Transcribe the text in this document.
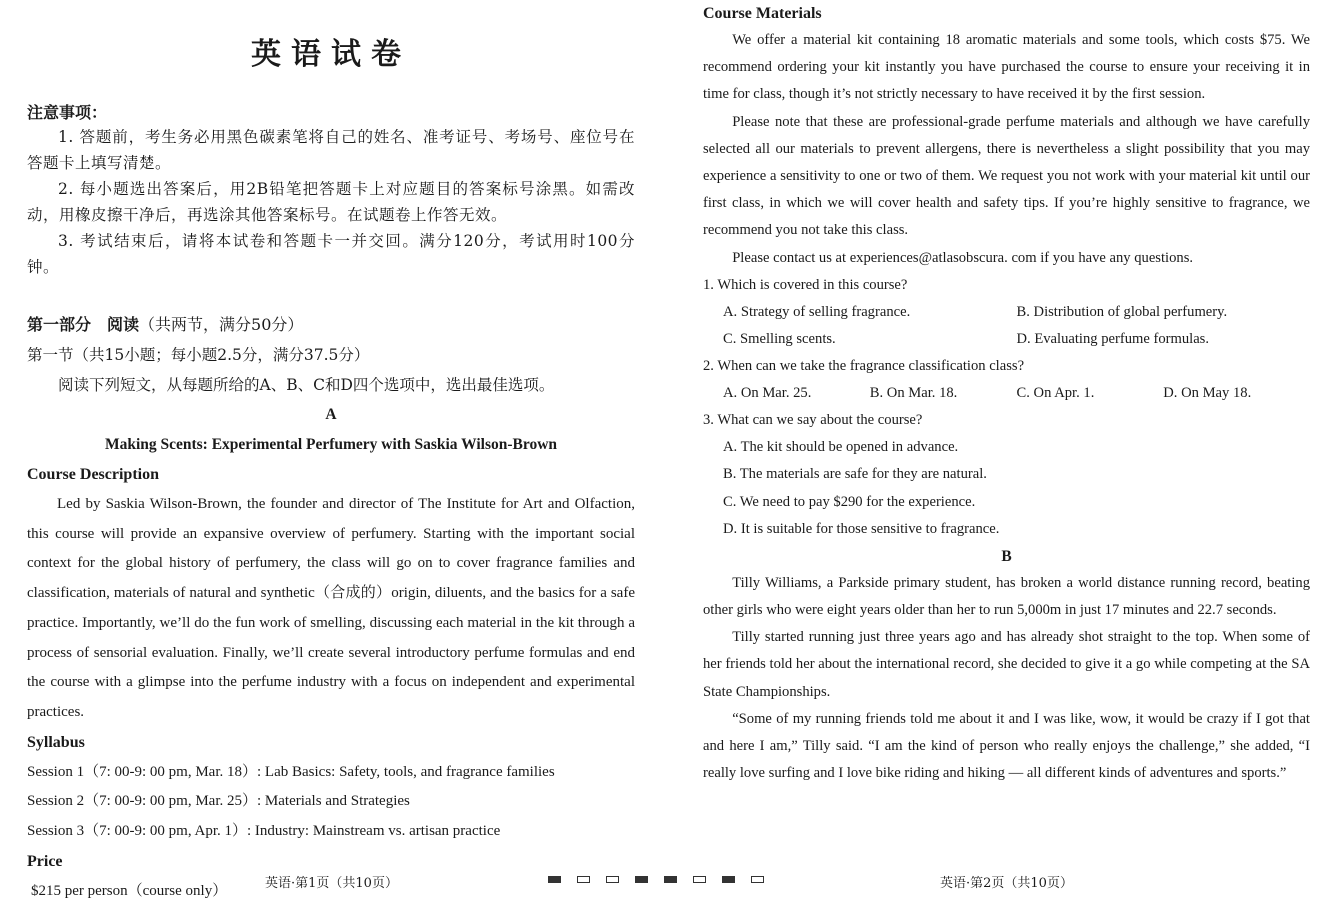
英语试卷
注意事项：
1. 答题前，考生务必用黑色碳素笔将自己的姓名、准考证号、考场号、座位号在答题卡上填写清楚。
2. 每小题选出答案后，用2B铅笔把答题卡上对应题目的答案标号涂黑。如需改动，用橡皮擦干净后，再选涂其他答案标号。在试题卷上作答无效。
3. 考试结束后，请将本试卷和答题卡一并交回。满分120分，考试用时100分钟。
第一部分　阅读（共两节，满分50分）
第一节（共15小题；每小题2.5分，满分37.5分）
阅读下列短文，从每题所给的A、B、C和D四个选项中，选出最佳选项。
A
Making Scents: Experimental Perfumery with Saskia Wilson-Brown
Course Description

Led by Saskia Wilson-Brown, the founder and director of The Institute for Art and Olfaction, this course will provide an expansive overview of perfumery. Starting with the important social context for the global history of perfumery, the class will go on to cover fragrance families and classification, materials of natural and synthetic（合成的）origin, diluents, and the basics for a safe practice. Importantly, we’ll do the fun work of smelling, discussing each material in the kit through a process of sensorial evaluation. Finally, we’ll create several introductory perfume formulas and end the course with a glimpse into the perfume industry with a focus on independent and experimental practices.

Syllabus
Session 1（7: 00-9: 00 pm, Mar. 18）: Lab Basics: Safety, tools, and fragrance families
Session 2（7: 00-9: 00 pm, Mar. 25）: Materials and Strategies
Session 3（7: 00-9: 00 pm, Apr. 1）: Industry: Mainstream vs. artisan practice
Price
$215 per person（course only）
Course Materials

We offer a material kit containing 18 aromatic materials and some tools, which costs $75. We recommend ordering your kit instantly you have purchased the course to ensure your receiving it in time for class, though it’s not strictly necessary to have received it by the first session.

Please note that these are professional-grade perfume materials and although we have carefully selected all our materials to prevent allergens, there is nevertheless a slight possibility that you may experience a sensitivity to one or two of them. We request you not work with your material kit until our first class, in which we will cover health and safety tips. If you’re highly sensitive to fragrance, we recommend you not take this class.

Please contact us at experiences@atlasobscura. com if you have any questions.

1. Which is covered in this course?
A. Strategy of selling fragrance.	B. Distribution of global perfumery.
C. Smelling scents.	D. Evaluating perfume formulas.
2. When can we take the fragrance classification class?
A. On Mar. 25.	B. On Mar. 18.	C. On Apr. 1.	D. On May 18.
3. What can we say about the course?
A. The kit should be opened in advance.
B. The materials are safe for they are natural.
C. We need to pay $290 for the experience.
D. It is suitable for those sensitive to fragrance.
B

Tilly Williams, a Parkside primary student, has broken a world distance running record, beating other girls who were eight years older than her to run 5,000m in just 17 minutes and 22.7 seconds.

Tilly started running just three years ago and has already shot straight to the top. When some of her friends told her about the international record, she decided to give it a go while competing at the SA State Championships.

“Some of my running friends told me about it and I was like, wow, it would be crazy if I got that and here I am,” Tilly said. “I am the kind of person who really enjoys the challenge,” she added, “I really love surfing and I love bike riding and hiking — all different kinds of adventures and sports.”

英语·第1页（共10页）	英语·第2页（共10页）
